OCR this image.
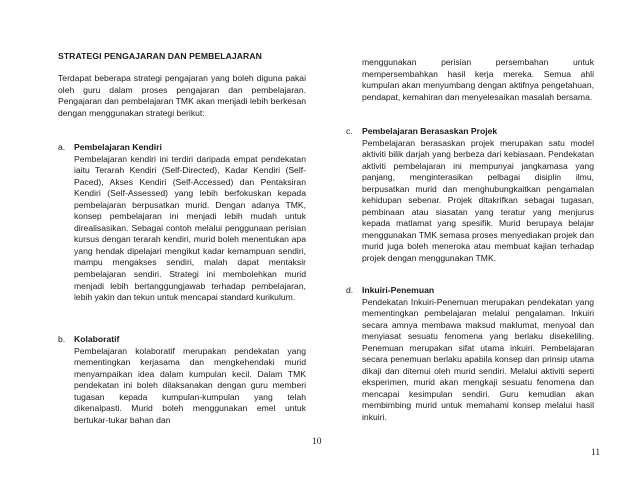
STRATEGI PENGAJARAN DAN PEMBELAJARAN

Terdapat beberapa strategi pengajaran yang boleh diguna pakai oleh guru dalam proses pengajaran dan pembelajaran. Pengajaran dan pembelajaran TMK akan menjadi lebih berkesan dengan menggunakan strategi berikut:

a. Pembelajaran Kendiri

Pembelajaran kendiri ini terdiri daripada empat pendekatan iaitu Terarah Kendiri (Self-Directed), Kadar Kendiri (Self-Paced), Akses Kendiri (Self-Accessed) dan Pentaksiran Kendiri (Self-Assessed) yang lebih berfokuskan kepada pembelajaran berpusatkan murid. Dengan adanya TMK, konsep pembelajaran ini menjadi lebih mudah untuk direalisasikan. Sebagai contoh melalui penggunaan perisian kursus dengan terarah kendiri, murid boleh menentukan apa yang hendak dipelajari mengikut kadar kemampuan sendiri, mampu mengakses sendiri, malah dapat mentaksir pembelajaran sendiri. Strategi ini membolehkan murid menjadi lebih bertanggungjawab terhadap pembelajaran, lebih yakin dan tekun untuk mencapai standard kurikulum.

b. Kolaboratif

Pembelajaran kolaboratif merupakan pendekatan yang mementingkan kerjasama dan mengkehendaki murid menyampaikan idea dalam kumpulan kecil. Dalam TMK pendekatan ini boleh dilaksanakan dengan guru memberi tugasan kepada kumpulan-kumpulan yang telah dikenalpasti. Murid boleh menggunakan emel untuk bertukar-tukar bahan dan

10

menggunakan perisian persembahan untuk mempersembahkan hasil kerja mereka. Semua ahli kumpulan akan menyumbang dengan aktifnya pengetahuan, pendapat, kemahiran dan menyelesaikan masalah bersama.

c. Pembelajaran Berasaskan Projek

Pembelajaran berasaskan projek merupakan satu model aktiviti bilik darjah yang berbeza dari kebiasaan. Pendekatan aktiviti pembelajaran ini mempunyai jangkamasa yang panjang, menginterasikan pelbagai disiplin ilmu, berpusatkan murid dan menghubungkaitkan pengamalan kehidupan sebenar. Projek ditakrifkan sebagai tugasan, pembinaan atau siasatan yang teratur yang menjurus kepada matlamat yang spesifik. Murid berupaya belajar menggunakan TMK semasa proses menyediakan projek dan murid juga boleh meneroka atau membuat kajian terhadap projek dengan menggunakan TMK.

d. Inkuiri-Penemuan

Pendekatan Inkuiri-Penemuan merupakan pendekatan yang mementingkan pembelajaran melalui pengalaman. Inkuiri secara amnya membawa maksud maklumat, menyoal dan menyiasat sesuatu fenomena yang berlaku disekeliling. Penemuan merupakan sifat utama inkuiri. Pembelajaran secara penemuan berlaku apabila konsep dan prinsip utama dikaji dan ditemui oleh murid sendiri. Melalui aktiviti seperti eksperimen, murid akan mengkaji sesuatu fenomena dan mencapai kesimpulan sendiri. Guru kemudian akan membimbing murid untuk memahami konsep melalui hasil inkuiri.

11
